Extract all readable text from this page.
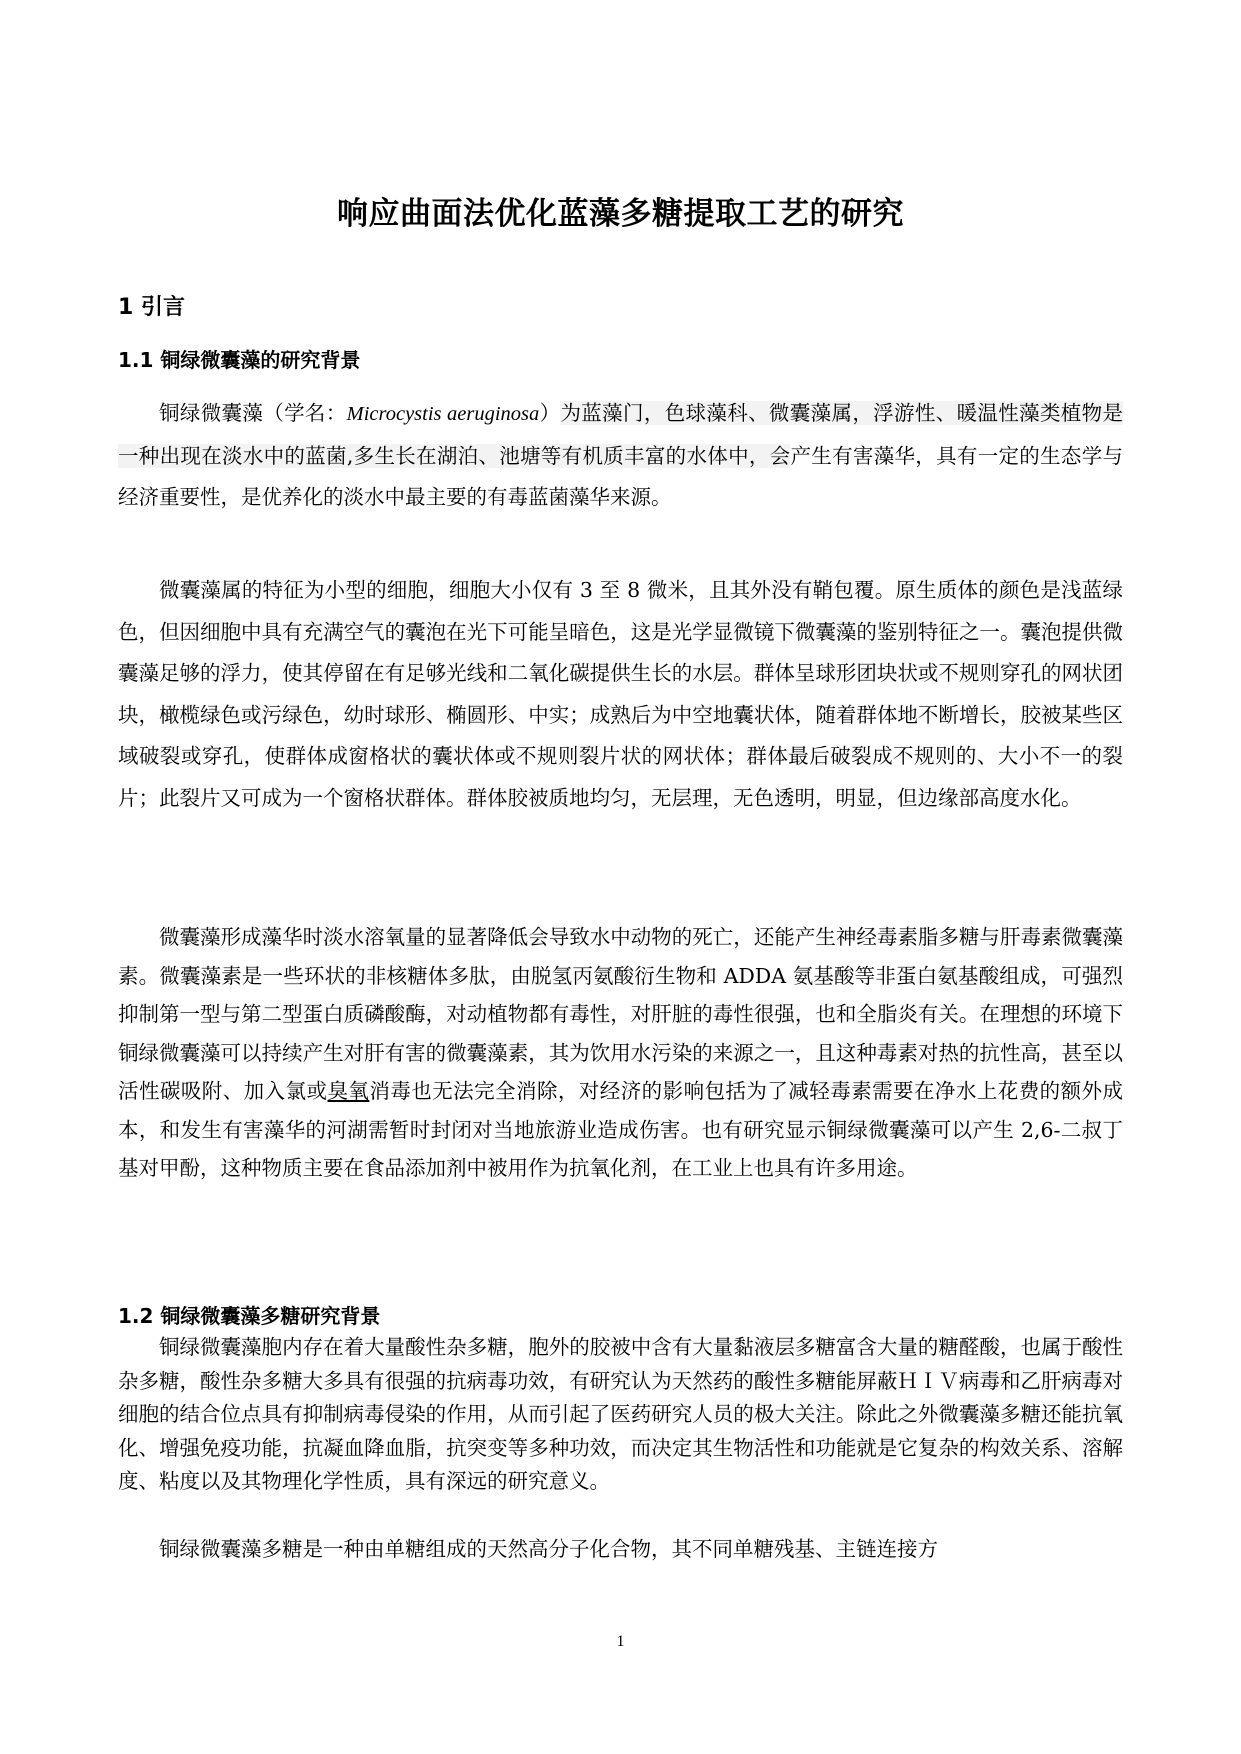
响应曲面法优化蓝藻多糖提取工艺的研究
1 引言
1.1 铜绿微囊藻的研究背景

铜绿微囊藻（学名：Microcystis aeruginosa）为蓝藻门，色球藻科、微囊藻属，浮游性、暖温性藻类植物是一种出现在淡水中的蓝菌,多生长在湖泊、池塘等有机质丰富的水体中，会产生有害藻华，具有一定的生态学与经济重要性，是优养化的淡水中最主要的有毒蓝菌藻华来源。

微囊藻属的特征为小型的细胞，细胞大小仅有 3 至 8 微米，且其外没有鞘包覆。原生质体的颜色是浅蓝绿色，但因细胞中具有充满空气的囊泡在光下可能呈暗色，这是光学显微镜下微囊藻的鉴别特征之一。囊泡提供微囊藻足够的浮力，使其停留在有足够光线和二氧化碳提供生长的水层。群体呈球形团块状或不规则穿孔的网状团块，橄榄绿色或污绿色，幼时球形、椭圆形、中实；成熟后为中空地囊状体，随着群体地不断增长，胶被某些区域破裂或穿孔，使群体成窗格状的囊状体或不规则裂片状的网状体；群体最后破裂成不规则的、大小不一的裂片；此裂片又可成为一个窗格状群体。群体胶被质地均匀，无层理，无色透明，明显，但边缘部高度水化。

微囊藻形成藻华时淡水溶氧量的显著降低会导致水中动物的死亡，还能产生神经毒素脂多糖与肝毒素微囊藻素。微囊藻素是一些环状的非核糖体多肽，由脱氢丙氨酸衍生物和 ADDA 氨基酸等非蛋白氨基酸组成，可强烈抑制第一型与第二型蛋白质磷酸酶，对动植物都有毒性，对肝脏的毒性很强，也和全脂炎有关。在理想的环境下铜绿微囊藻可以持续产生对肝有害的微囊藻素，其为饮用水污染的来源之一，且这种毒素对热的抗性高，甚至以活性碳吸附、加入氯或臭氧消毒也无法完全消除，对经济的影响包括为了减轻毒素需要在净水上花费的额外成本，和发生有害藻华的河湖需暂时封闭对当地旅游业造成伤害。也有研究显示铜绿微囊藻可以产生 2,6-二叔丁基对甲酚，这种物质主要在食品添加剂中被用作为抗氧化剂，在工业上也具有许多用途。

1.2 铜绿微囊藻多糖研究背景

铜绿微囊藻胞内存在着大量酸性杂多糖，胞外的胶被中含有大量黏液层多糖富含大量的糖醛酸，也属于酸性杂多糖，酸性杂多糖大多具有很强的抗病毒功效，有研究认为天然药的酸性多糖能屏蔽ＨＩＶ病毒和乙肝病毒对细胞的结合位点具有抑制病毒侵染的作用，从而引起了医药研究人员的极大关注。除此之外微囊藻多糖还能抗氧化、增强免疫功能，抗凝血降血脂，抗突变等多种功效，而决定其生物活性和功能就是它复杂的构效关系、溶解度、粘度以及其物理化学性质，具有深远的研究意义。

铜绿微囊藻多糖是一种由单糖组成的天然高分子化合物，其不同单糖残基、主链连接方

1
